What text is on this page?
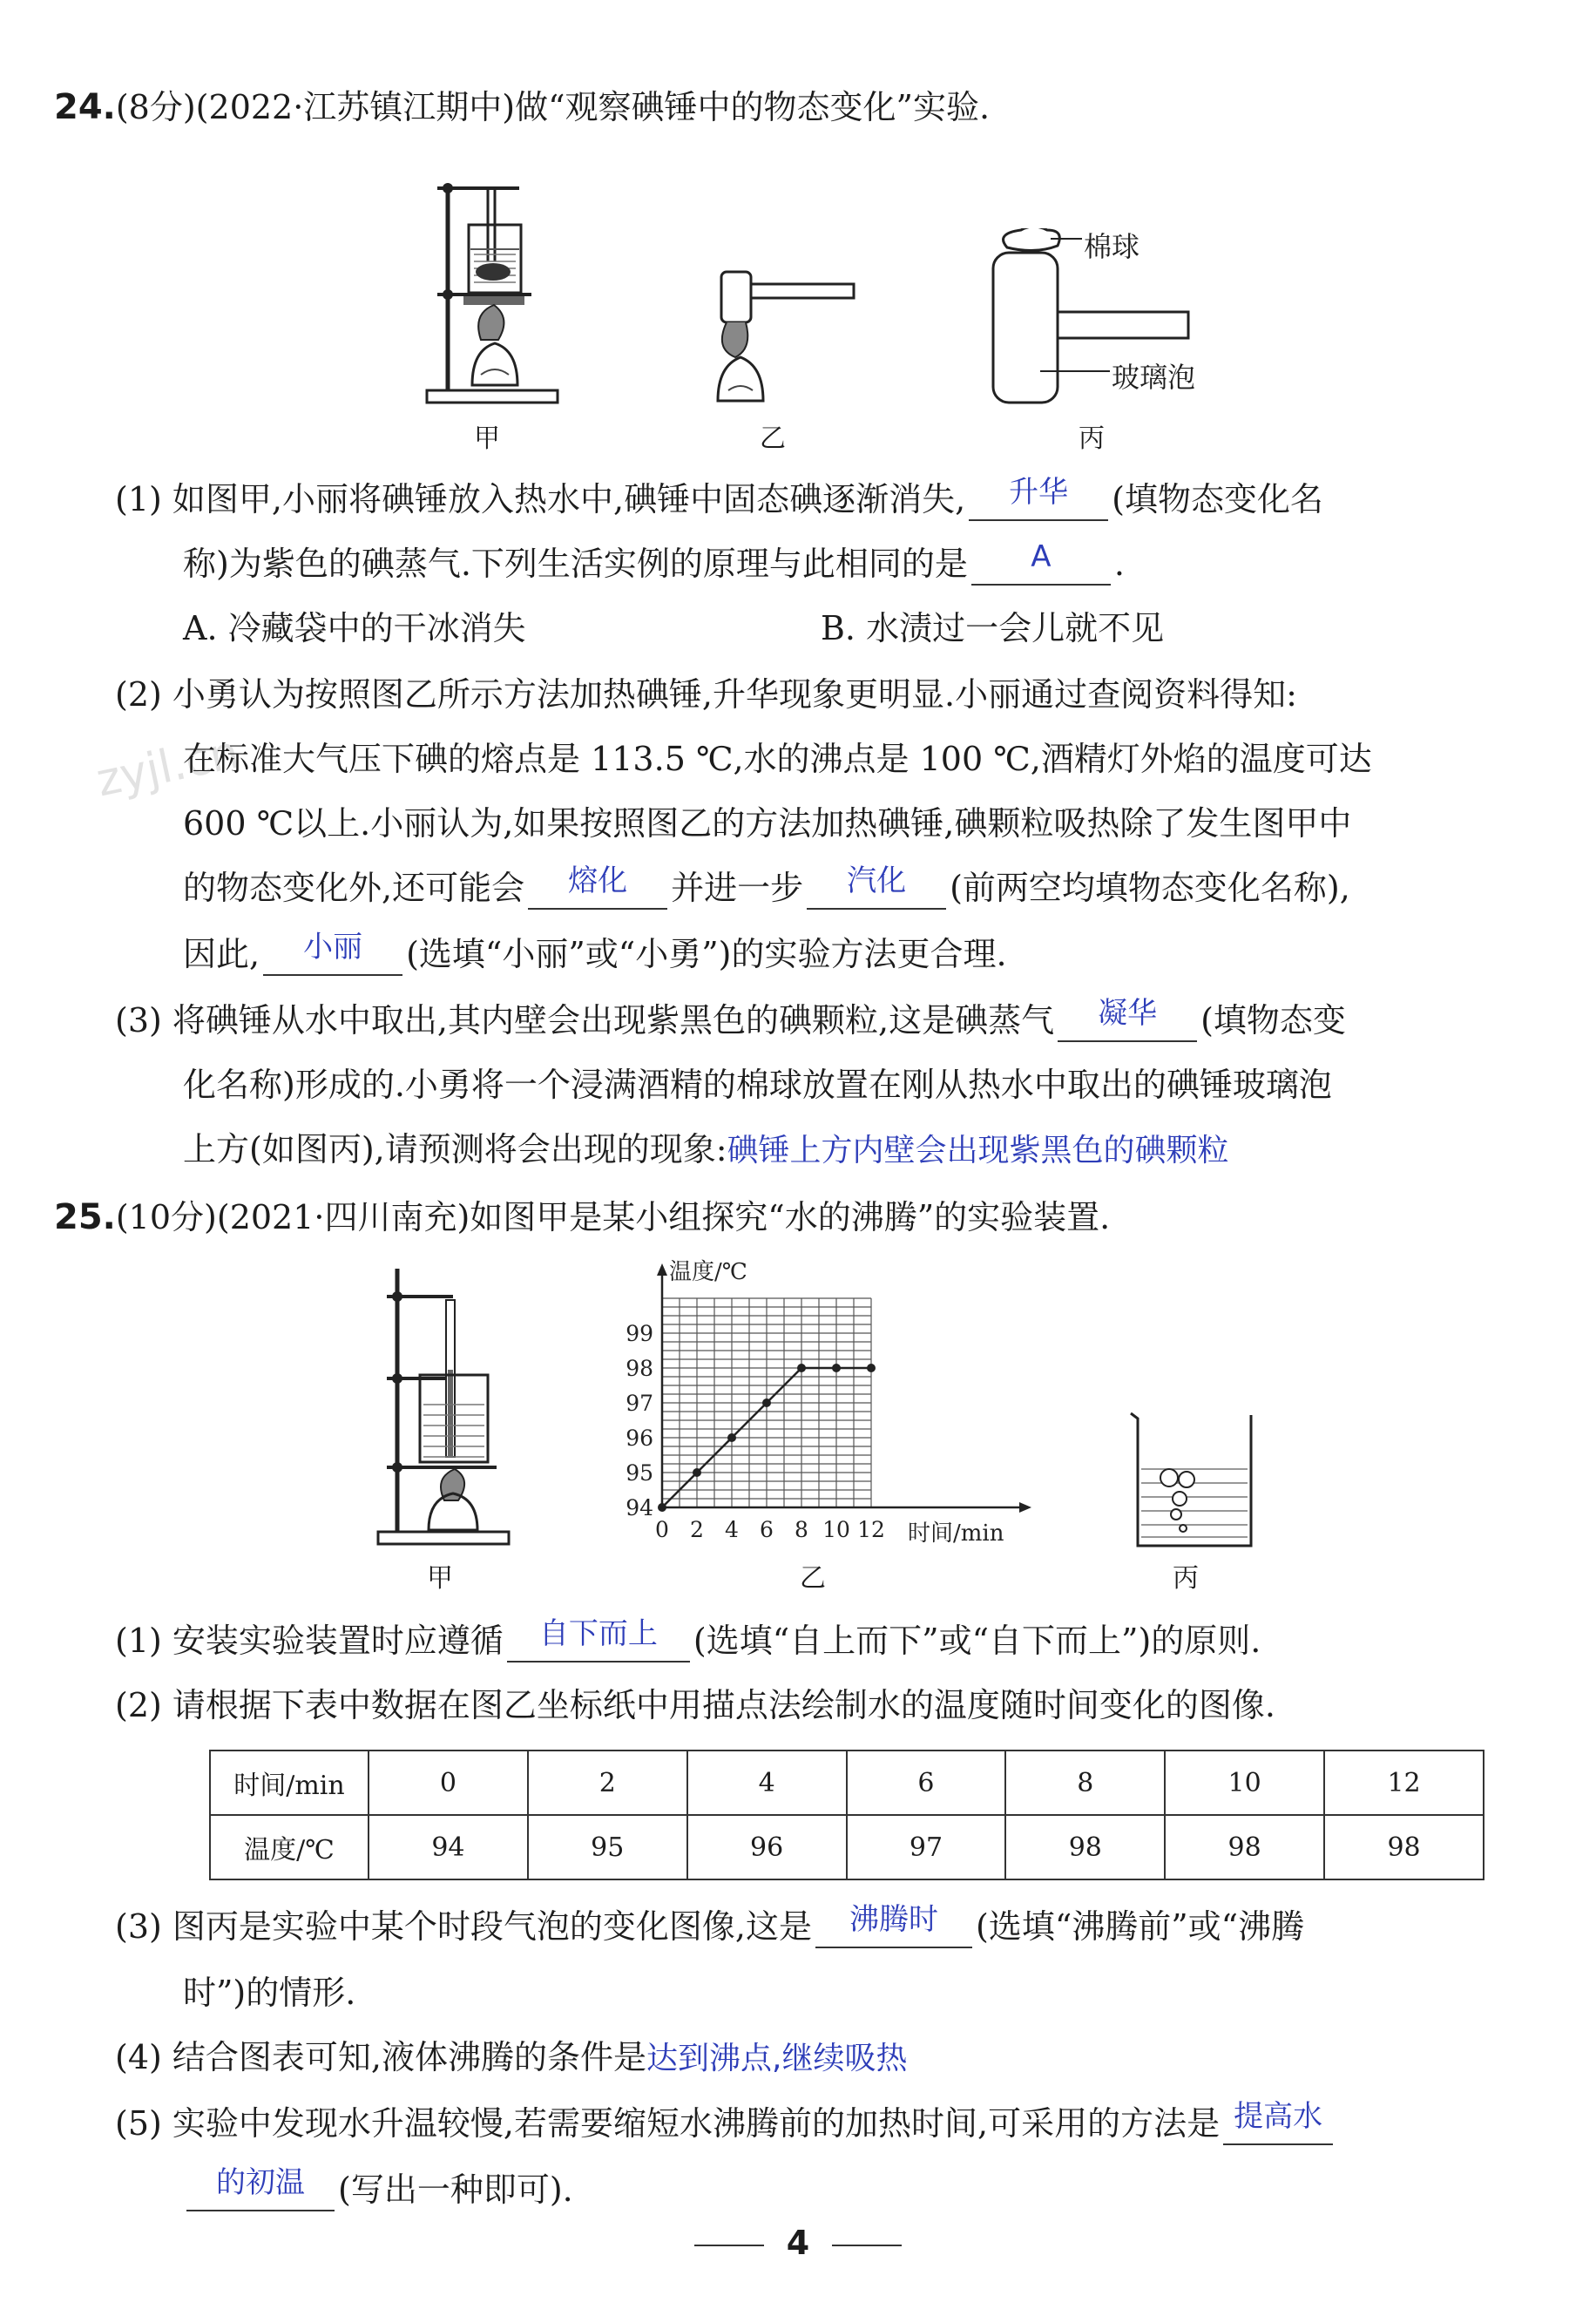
zyjl.cn
24.(8分)(2022·江苏镇江期中)做“观察碘锤中的物态变化”实验.
棉球
玻璃泡
甲	乙	丙
(1) 如图甲,小丽将碘锤放入热水中,碘锤中固态碘逐渐消失,	升华	(填物态变化名
称)为紫色的碘蒸气.下列生活实例的原理与此相同的是	A	.
A. 冷藏袋中的干冰消失	B. 水渍过一会儿就不见
(2) 小勇认为按照图乙所示方法加热碘锤,升华现象更明显.小丽通过查阅资料得知:
在标准大气压下碘的熔点是 113.5 ℃,水的沸点是 100 ℃,酒精灯外焰的温度可达
600 ℃以上.小丽认为,如果按照图乙的方法加热碘锤,碘颗粒吸热除了发生图甲中
的物态变化外,还可能会	熔化	并进一步	汽化	(前两空均填物态变化名称),
因此,	小丽	(选填“小丽”或“小勇”)的实验方法更合理.
(3) 将碘锤从水中取出,其内壁会出现紫黑色的碘颗粒,这是碘蒸气	凝华	(填物态变
化名称)形成的.小勇将一个浸满酒精的棉球放置在刚从热水中取出的碘锤玻璃泡
上方(如图丙),请预测将会出现的现象:碘锤上方内壁会出现紫黑色的碘颗粒
25.(10分)(2021·四川南充)如图甲是某小组探究“水的沸腾”的实验装置.
温度/℃
时间/min
0 2 4 6 8 10 12
94
95
96
97
98
99
甲	乙	丙
(1) 安装实验装置时应遵循	自下而上	(选填“自上而下”或“自下而上”)的原则.
(2) 请根据下表中数据在图乙坐标纸中用描点法绘制水的温度随时间变化的图像.
时间/min	0	2	4	6	8	10	12
温度/℃	94	95	96	97	98	98	98
(3) 图丙是实验中某个时段气泡的变化图像,这是	沸腾时	(选填“沸腾前”或“沸腾
时”)的情形.
(4) 结合图表可知,液体沸腾的条件是达到沸点,继续吸热
(5) 实验中发现水升温较慢,若需要缩短水沸腾前的加热时间,可采用的方法是 提高水
的初温	(写出一种即可).
4
